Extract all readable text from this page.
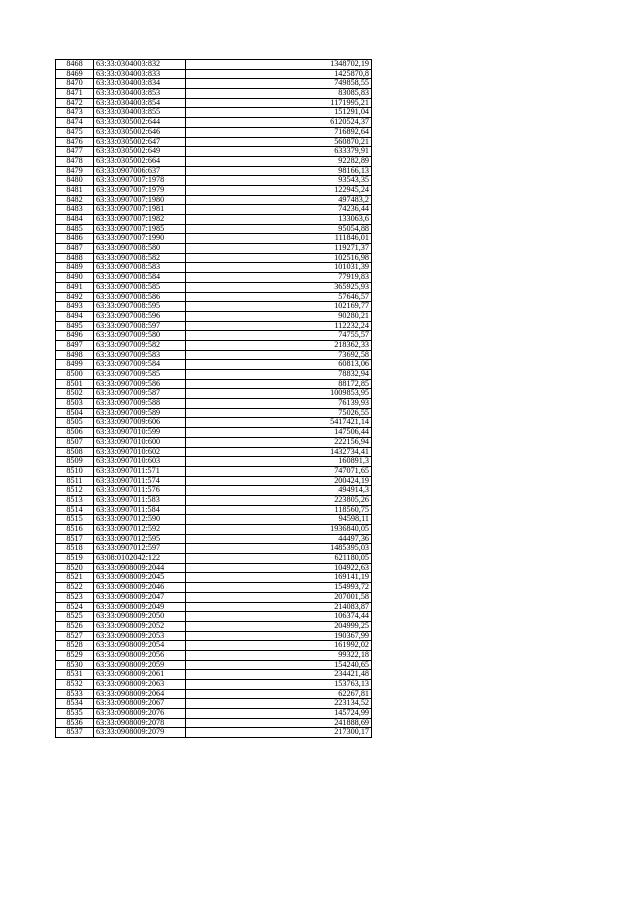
8468	63:33:0304003:832	1348702,19
8469	63:33:0304003:833	1425870,8
8470	63:33:0304003:834	749858,55
8471	63:33:0304003:853	83085,83
8472	63:33:0304003:854	1171995,21
8473	63:33:0304003:855	151291,04
8474	63:33:0305002:644	6120524,37
8475	63:33:0305002:646	716892,64
8476	63:33:0305002:647	560870,21
8477	63:33:0305002:649	633379,91
8478	63:33:0305002:664	92282,89
8479	63:33:0907006:637	98166,13
8480	63:33:0907007:1978	93543,35
8481	63:33:0907007:1979	122945,24
8482	63:33:0907007:1980	497483,2
8483	63:33:0907007:1981	74236,44
8484	63:33:0907007:1982	133063,6
8485	63:33:0907007:1985	95054,88
8486	63:33:0907007:1990	111846,01
8487	63:33:0907008:580	119271,37
8488	63:33:0907008:582	102516,98
8489	63:33:0907008:583	101031,39
8490	63:33:0907008:584	77919,83
8491	63:33:0907008:585	365925,93
8492	63:33:0907008:586	57646,57
8493	63:33:0907008:595	102169,77
8494	63:33:0907008:596	90280,21
8495	63:33:0907008:597	112232,24
8496	63:33:0907009:580	74755,57
8497	63:33:0907009:582	218362,33
8498	63:33:0907009:583	73692,58
8499	63:33:0907009:584	60813,06
8500	63:33:0907009:585	78832,94
8501	63:33:0907009:586	88172,85
8502	63:33:0907009:587	1009853,95
8503	63:33:0907009:588	76139,93
8504	63:33:0907009:589	75026,55
8505	63:33:0907009:606	5417421,14
8506	63:33:0907010:599	147506,44
8507	63:33:0907010:600	222156,94
8508	63:33:0907010:602	1432734,41
8509	63:33:0907010:603	160891,3
8510	63:33:0907011:571	747071,65
8511	63:33:0907011:574	200424,19
8512	63:33:0907011:576	494914,3
8513	63:33:0907011:583	223805,26
8514	63:33:0907011:584	118560,75
8515	63:33:0907012:590	94598,11
8516	63:33:0907012:592	1936840,05
8517	63:33:0907012:595	44497,36
8518	63:33:0907012:597	1485395,03
8519	63:08:0102042:122	621180,05
8520	63:33:0908009:2044	104922,63
8521	63:33:0908009:2045	169141,19
8522	63:33:0908009:2046	154993,72
8523	63:33:0908009:2047	207001,58
8524	63:33:0908009:2049	214083,87
8525	63:33:0908009:2050	106374,44
8526	63:33:0908009:2052	204999,25
8527	63:33:0908009:2053	190367,99
8528	63:33:0908009:2054	161992,02
8529	63:33:0908009:2056	99322,18
8530	63:33:0908009:2059	154240,65
8531	63:33:0908009:2061	234421,48
8532	63:33:0908009:2063	153763,13
8533	63:33:0908009:2064	62267,81
8534	63:33:0908009:2067	223134,52
8535	63:33:0908009:2076	145724,99
8536	63:33:0908009:2078	241888,69
8537	63:33:0908009:2079	217300,17
